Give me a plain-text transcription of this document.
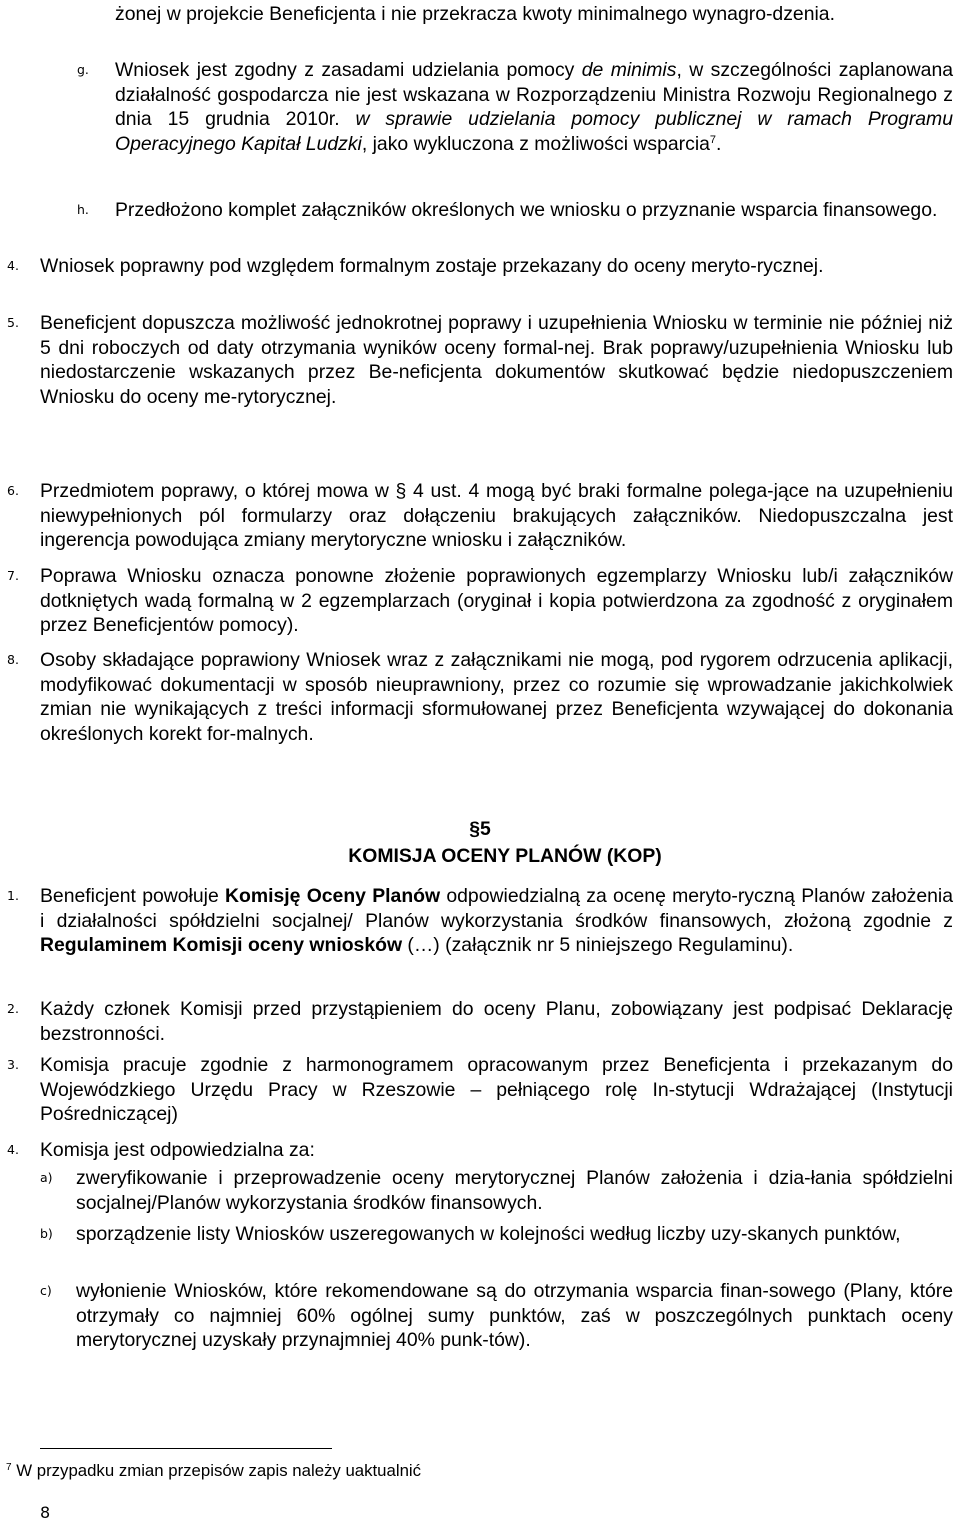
żonej w projekcie Beneficjenta i nie przekracza kwoty minimalnego wynagro-dzenia.
g. Wniosek jest zgodny z zasadami udzielania pomocy de minimis, w szczególności zaplanowana działalność gospodarcza nie jest wskazana w Rozporządzeniu Ministra Rozwoju Regionalnego z dnia 15 grudnia 2010r. w sprawie udzielania pomocy publicznej w ramach Programu Operacyjnego Kapitał Ludzki, jako wykluczona z możliwości wsparcia$^7$.
h. Przedłożono komplet załączników określonych we wniosku o przyznanie wsparcia finansowego.
4. Wniosek poprawny pod względem formalnym zostaje przekazany do oceny meryto-rycznej.
5. Beneficjent dopuszcza możliwość jednokrotnej poprawy i uzupełnienia Wniosku w terminie nie później niż 5 dni roboczych od daty otrzymania wyników oceny formal-nej. Brak poprawy/uzupełnienia Wniosku lub niedostarczenie wskazanych przez Be-neficjenta dokumentów skutkować będzie niedopuszczeniem Wniosku do oceny me-rytorycznej.
6. Przedmiotem poprawy, o której mowa w § 4 ust. 4 mogą być braki formalne polega-jące na uzupełnieniu niewypełnionych pól formularzy oraz dołączeniu brakujących załączników. Niedopuszczalna jest ingerencja powodująca zmiany merytoryczne wniosku i załączników.
7. Poprawa Wniosku oznacza ponowne złożenie poprawionych egzemplarzy Wniosku lub/i załączników dotkniętych wadą formalną w 2 egzemplarzach (oryginał i kopia potwierdzona za zgodność z oryginałem przez Beneficjentów pomocy).
8. Osoby składające poprawiony Wniosek wraz z załącznikami nie mogą, pod rygorem odrzucenia aplikacji, modyfikować dokumentacji w sposób nieuprawniony, przez co rozumie się wprowadzanie jakichkolwiek zmian nie wynikających z treści informacji sformułowanej przez Beneficjenta wzywającej do dokonania określonych korekt for-malnych.
§5
KOMISJA OCENY PLANÓW (KOP)
1. Beneficjent powołuje Komisję Oceny Planów odpowiedzialną za ocenę meryto-ryczną Planów założenia i działalności spółdzielni socjalnej/ Planów wykorzystania środków finansowych, złożoną zgodnie z Regulaminem Komisji oceny wniosków (…) (załącznik nr 5 niniejszego Regulaminu).
2. Każdy członek Komisji przed przystąpieniem do oceny Planu, zobowiązany jest podpisać Deklarację bezstronności.
3. Komisja pracuje zgodnie z harmonogramem opracowanym przez Beneficjenta i przekazanym do Wojewódzkiego Urzędu Pracy w Rzeszowie – pełniącego rolę In-stytucji Wdrażającej (Instytucji Pośredniczącej)
4. Komisja jest odpowiedzialna za:
a) zweryfikowanie i przeprowadzenie oceny merytorycznej Planów założenia i dzia-łania spółdzielni socjalnej/Planów wykorzystania środków finansowych.
b) sporządzenie listy Wniosków uszeregowanych w kolejności według liczby uzy-skanych punktów,
c) wyłonienie Wniosków, które rekomendowane są do otrzymania wsparcia finan-sowego (Plany, które otrzymały co najmniej 60% ogólnej sumy punktów, zaś w poszczególnych punktach oceny merytorycznej uzyskały przynajmniej 40% punk-tów).
$^7$ W przypadku zmian przepisów zapis należy uaktualnić
8
